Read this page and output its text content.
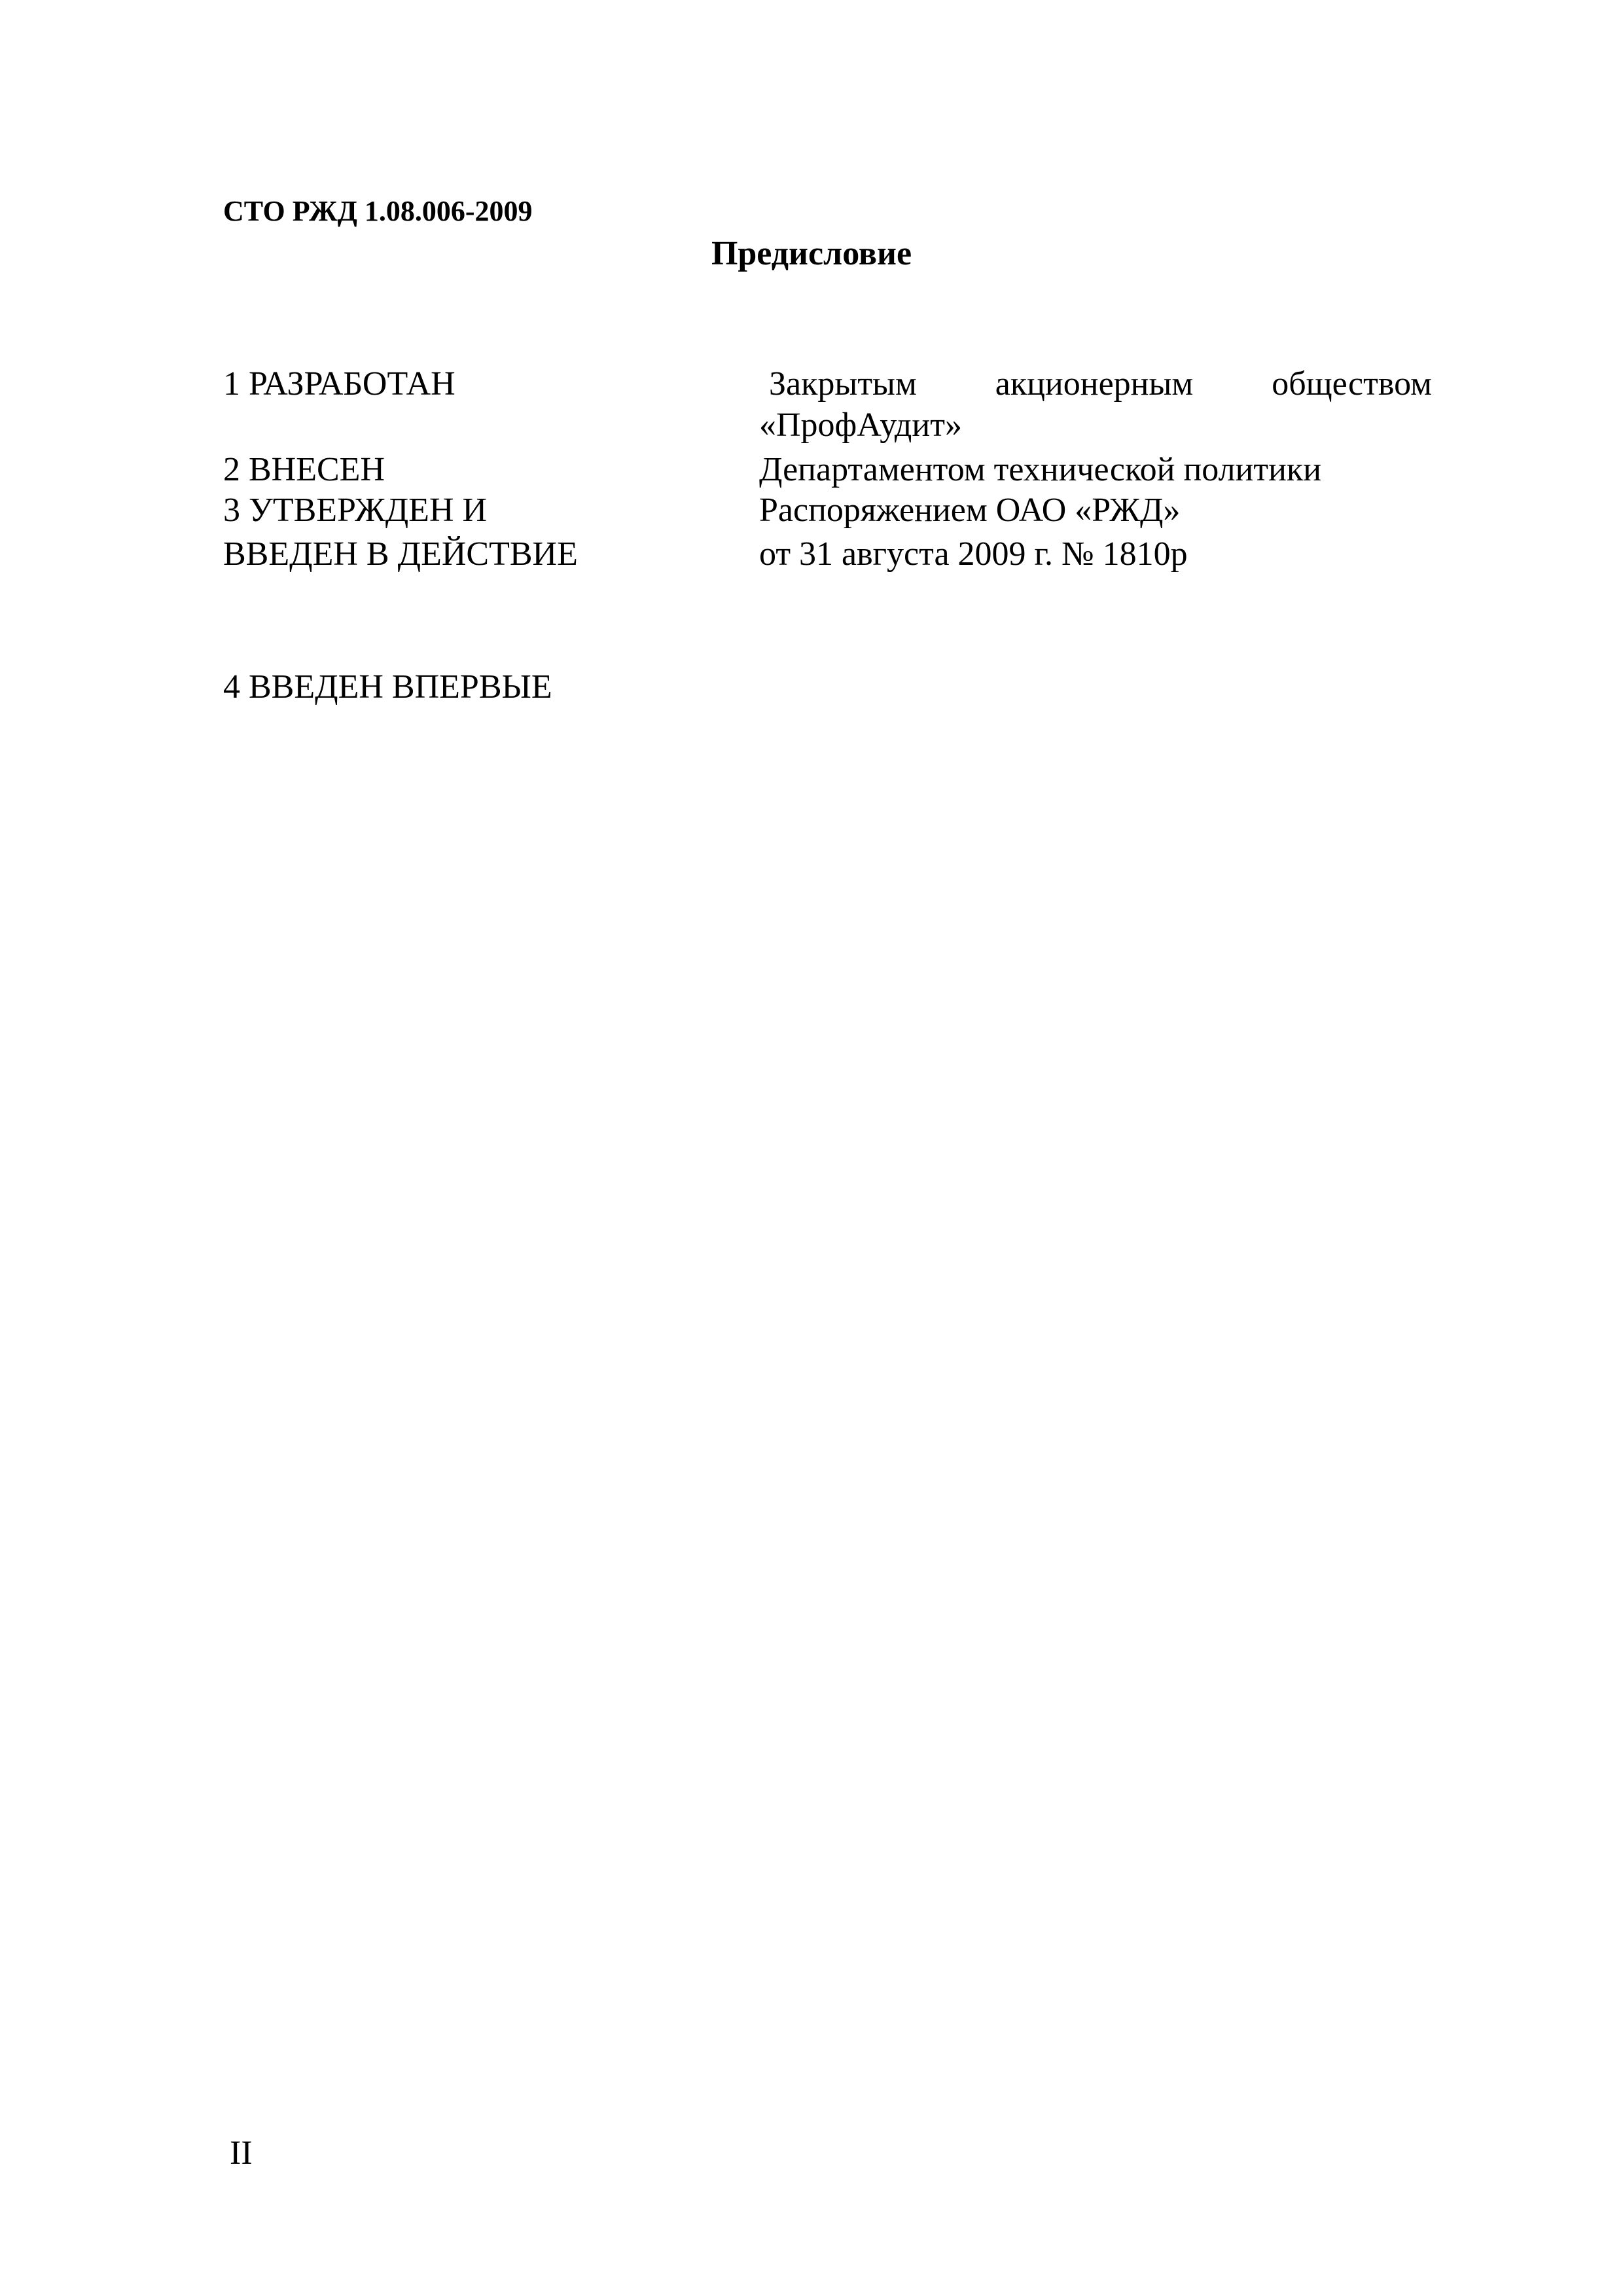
СТО РЖД 1.08.006-2009
Предисловие
1 РАЗРАБОТАН	Закрытым акционерным обществом
«ПрофАудит»
2 ВНЕСЕН	Департаментом технической политики
3 УТВЕРЖДЕН И	Распоряжением ОАО «РЖД»
ВВЕДЕН В ДЕЙСТВИЕ	от 31 августа 2009 г. № 1810р
4 ВВЕДЕН ВПЕРВЫЕ
II
